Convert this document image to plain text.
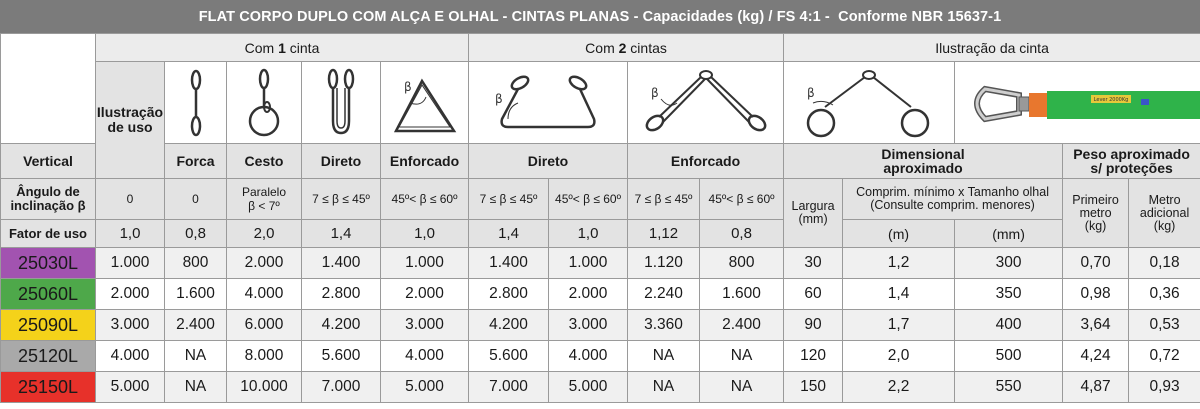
FLAT CORPO DUPLO COM ALÇA E OLHAL - CINTAS PLANAS - Capacidades (kg) / FS 4:1 -  Conforme NBR 15637-1
	Com 1 cinta					Com 2 cintas				Ilustração da cinta				

	Ilustração
de uso				β	β		β		β		Lever 2000Kg		

Vertical		Forca	Cesto	Direto	Enforcado	Direto		Enforcado		Dimensional
aproximado			Peso aproximado
s/ proteções	

Ângulo de
inclinação β	0	0	Paralelo
β < 7º	7 ≤ β ≤ 45º	45º< β ≤ 60º	7 ≤ β ≤ 45º	45º< β ≤ 60º	7 ≤ β ≤ 45º	45º< β ≤ 60º	Largura
(mm)	Comprim. mínimo x Tamanho olhal
(Consulte comprim. menores)		Primeiro
metro
(kg)	Metro
adicional
(kg)

Fator de uso	1,0	0,8	2,0	1,4	1,0	1,4	1,0	1,12	0,8		(m)	(mm)		
25030L	1.000	800	2.000	1.400	1.000	1.400	1.000	1.120	800	30	1,2	300	0,70	0,18
25060L	2.000	1.600	4.000	2.800	2.000	2.800	2.000	2.240	1.600	60	1,4	350	0,98	0,36
25090L	3.000	2.400	6.000	4.200	3.000	4.200	3.000	3.360	2.400	90	1,7	400	3,64	0,53
25120L	4.000	NA	8.000	5.600	4.000	5.600	4.000	NA	NA	120	2,0	500	4,24	0,72
25150L	5.000	NA	10.000	7.000	5.000	7.000	5.000	NA	NA	150	2,2	550	4,87	0,93
